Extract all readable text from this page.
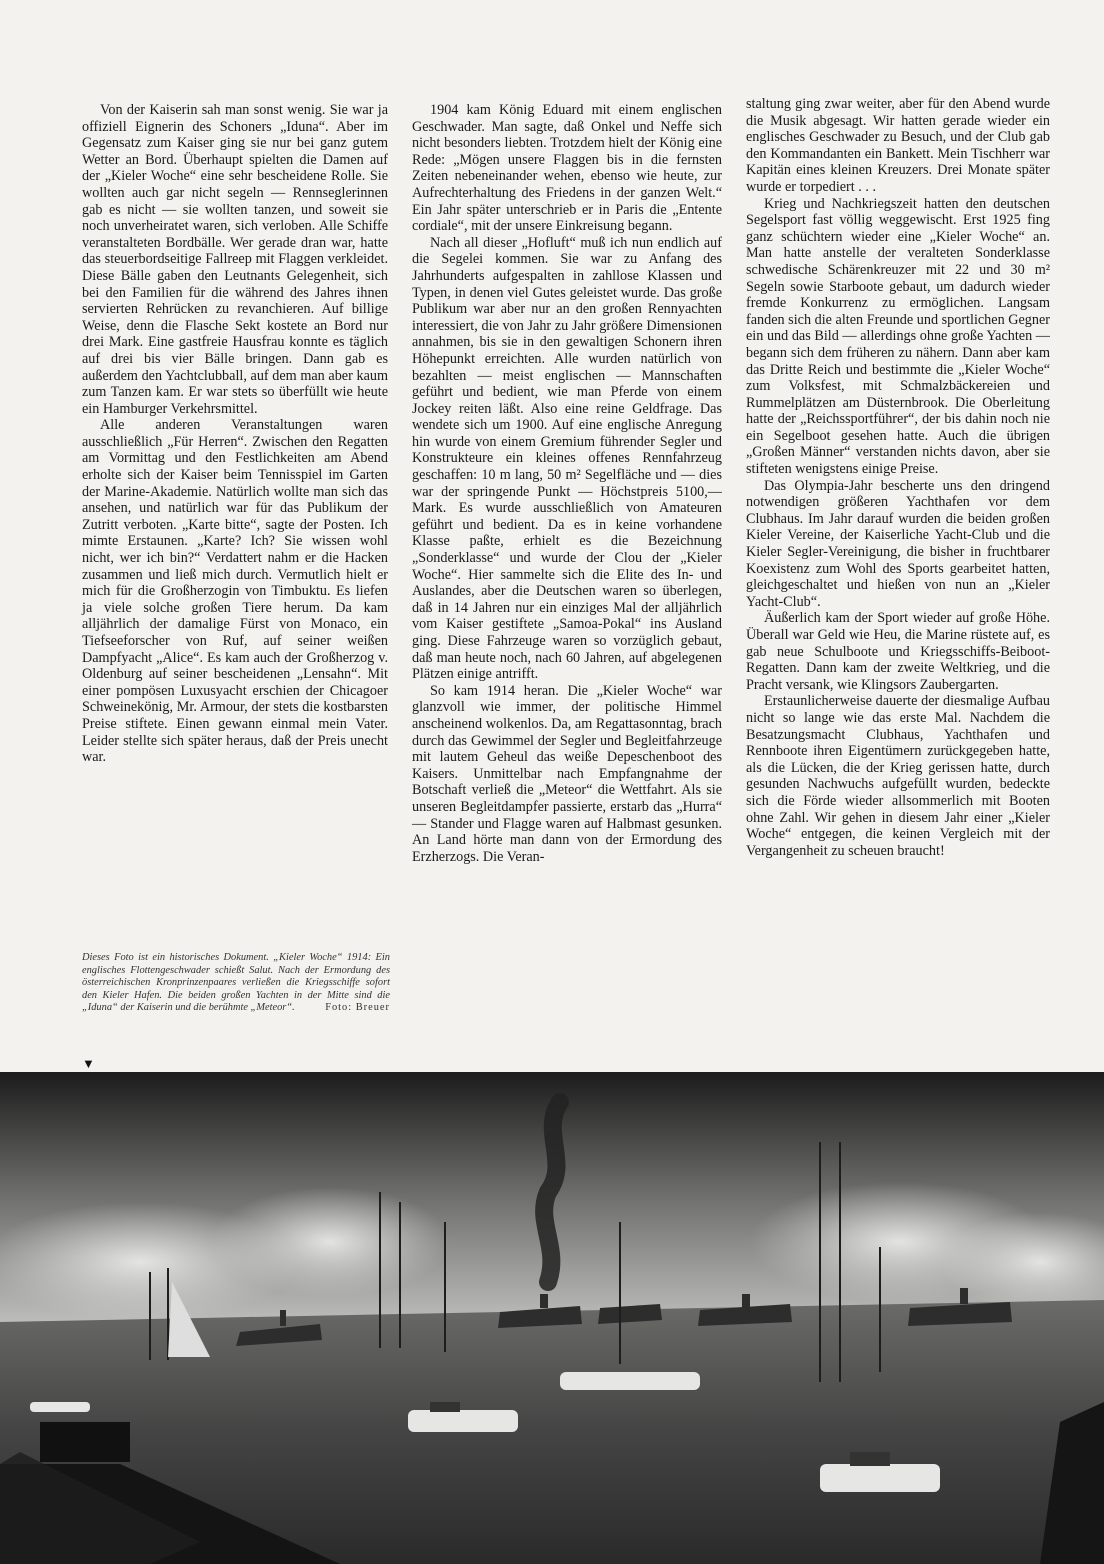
Von der Kaiserin sah man sonst wenig. Sie war ja offiziell Eignerin des Schoners „Iduna“. Aber im Gegensatz zum Kaiser ging sie nur bei ganz gutem Wetter an Bord. Überhaupt spielten die Damen auf der „Kieler Woche“ eine sehr bescheidene Rolle. Sie wollten auch gar nicht segeln — Rennseglerinnen gab es nicht — sie wollten tanzen, und soweit sie noch unverheiratet waren, sich verloben. Alle Schiffe veranstalteten Bordbälle. Wer gerade dran war, hatte das steuerbordseitige Fallreep mit Flaggen verkleidet. Diese Bälle gaben den Leutnants Gelegenheit, sich bei den Familien für die während des Jahres ihnen servierten Rehrücken zu revanchieren. Auf billige Weise, denn die Flasche Sekt kostete an Bord nur drei Mark. Eine gastfreie Hausfrau konnte es täglich auf drei bis vier Bälle bringen. Dann gab es außerdem den Yachtclubball, auf dem man aber kaum zum Tanzen kam. Er war stets so überfüllt wie heute ein Hamburger Verkehrsmittel.

Alle anderen Veranstaltungen waren ausschließlich „Für Herren“. Zwischen den Regatten am Vormittag und den Festlichkeiten am Abend erholte sich der Kaiser beim Tennisspiel im Garten der Marine-Akademie. Natürlich wollte man sich das ansehen, und natürlich war für das Publikum der Zutritt verboten. „Karte bitte“, sagte der Posten. Ich mimte Erstaunen. „Karte? Ich? Sie wissen wohl nicht, wer ich bin?“ Verdattert nahm er die Hacken zusammen und ließ mich durch. Vermutlich hielt er mich für die Großherzogin von Timbuktu. Es liefen ja viele solche großen Tiere herum. Da kam alljährlich der damalige Fürst von Monaco, ein Tiefseeforscher von Ruf, auf seiner weißen Dampfyacht „Alice“. Es kam auch der Großherzog v. Oldenburg auf seiner bescheidenen „Lensahn“. Mit einer pompösen Luxusyacht erschien der Chicagoer Schweinekönig, Mr. Armour, der stets die kostbarsten Preise stiftete. Einen gewann einmal mein Vater. Leider stellte sich später heraus, daß der Preis unecht war.

1904 kam König Eduard mit einem englischen Geschwader. Man sagte, daß Onkel und Neffe sich nicht besonders liebten. Trotzdem hielt der König eine Rede: „Mögen unsere Flaggen bis in die fernsten Zeiten nebeneinander wehen, ebenso wie heute, zur Aufrechterhaltung des Friedens in der ganzen Welt.“ Ein Jahr später unterschrieb er in Paris die „Entente cordiale“, mit der unsere Einkreisung begann.

Nach all dieser „Hofluft“ muß ich nun endlich auf die Segelei kommen. Sie war zu Anfang des Jahrhunderts aufgespalten in zahllose Klassen und Typen, in denen viel Gutes geleistet wurde. Das große Publikum war aber nur an den großen Rennyachten interessiert, die von Jahr zu Jahr größere Dimensionen annahmen, bis sie in den gewaltigen Schonern ihren Höhepunkt erreichten. Alle wurden natürlich von bezahlten — meist englischen — Mannschaften geführt und bedient, wie man Pferde von einem Jockey reiten läßt. Also eine reine Geldfrage. Das wendete sich um 1900. Auf eine englische Anregung hin wurde von einem Gremium führender Segler und Konstrukteure ein kleines offenes Rennfahrzeug geschaffen: 10 m lang, 50 m² Segelfläche und — dies war der springende Punkt — Höchstpreis 5100,— Mark. Es wurde ausschließlich von Amateuren geführt und bedient. Da es in keine vorhandene Klasse paßte, erhielt es die Bezeichnung „Sonderklasse“ und wurde der Clou der „Kieler Woche“. Hier sammelte sich die Elite des In- und Auslandes, aber die Deutschen waren so überlegen, daß in 14 Jahren nur ein einziges Mal der alljährlich vom Kaiser gestiftete „Samoa-Pokal“ ins Ausland ging. Diese Fahrzeuge waren so vorzüglich gebaut, daß man heute noch, nach 60 Jahren, auf abgelegenen Plätzen einige antrifft.

So kam 1914 heran. Die „Kieler Woche“ war glanzvoll wie immer, der politische Himmel anscheinend wolkenlos. Da, am Regattasonntag, brach durch das Gewimmel der Segler und Begleitfahrzeuge mit lautem Geheul das weiße Depeschenboot des Kaisers. Unmittelbar nach Empfangnahme der Botschaft verließ die „Meteor“ die Wettfahrt. Als sie unseren Begleitdampfer passierte, erstarb das „Hurra“ — Stander und Flagge waren auf Halbmast gesunken. An Land hörte man dann von der Ermordung des Erzherzogs. Die Veran-

staltung ging zwar weiter, aber für den Abend wurde die Musik abgesagt. Wir hatten gerade wieder ein englisches Geschwader zu Besuch, und der Club gab den Kommandanten ein Bankett. Mein Tischherr war Kapitän eines kleinen Kreuzers. Drei Monate später wurde er torpediert . . .

Krieg und Nachkriegszeit hatten den deutschen Segelsport fast völlig weggewischt. Erst 1925 fing ganz schüchtern wieder eine „Kieler Woche“ an. Man hatte anstelle der veralteten Sonderklasse schwedische Schärenkreuzer mit 22 und 30 m² Segeln sowie Starboote gebaut, um dadurch wieder fremde Konkurrenz zu ermöglichen. Langsam fanden sich die alten Freunde und sportlichen Gegner ein und das Bild — allerdings ohne große Yachten — begann sich dem früheren zu nähern. Dann aber kam das Dritte Reich und bestimmte die „Kieler Woche“ zum Volksfest, mit Schmalzbäckereien und Rummelplätzen am Düsternbrook. Die Oberleitung hatte der „Reichssportführer“, der bis dahin noch nie ein Segelboot gesehen hatte. Auch die übrigen „Großen Männer“ verstanden nichts davon, aber sie stifteten wenigstens einige Preise.

Das Olympia-Jahr bescherte uns den dringend notwendigen größeren Yachthafen vor dem Clubhaus. Im Jahr darauf wurden die beiden großen Kieler Vereine, der Kaiserliche Yacht-Club und die Kieler Segler-Vereinigung, die bisher in fruchtbarer Koexistenz zum Wohl des Sports gearbeitet hatten, gleichgeschaltet und hießen von nun an „Kieler Yacht-Club“.

Äußerlich kam der Sport wieder auf große Höhe. Überall war Geld wie Heu, die Marine rüstete auf, es gab neue Schulboote und Kriegsschiffs-Beiboot-Regatten. Dann kam der zweite Weltkrieg, und die Pracht versank, wie Klingsors Zaubergarten.

Erstaunlicherweise dauerte der diesmalige Aufbau nicht so lange wie das erste Mal. Nachdem die Besatzungsmacht Clubhaus, Yachthafen und Rennboote ihren Eigentümern zurückgegeben hatte, als die Lücken, die der Krieg gerissen hatte, durch gesunden Nachwuchs aufgefüllt wurden, bedeckte sich die Förde wieder allsommerlich mit Booten ohne Zahl. Wir gehen in diesem Jahr einer „Kieler Woche“ entgegen, die keinen Vergleich mit der Vergangenheit zu scheuen braucht!

Dieses Foto ist ein historisches Dokument. „Kieler Woche“ 1914: Ein englisches Flottengeschwader schießt Salut. Nach der Ermordung des österreichischen Kronprinzenpaares verließen die Kriegsschiffe sofort den Kieler Hafen. Die beiden großen Yachten in der Mitte sind die „Iduna“ der Kaiserin und die berühmte „Meteor“.	Foto: Breuer
▼
